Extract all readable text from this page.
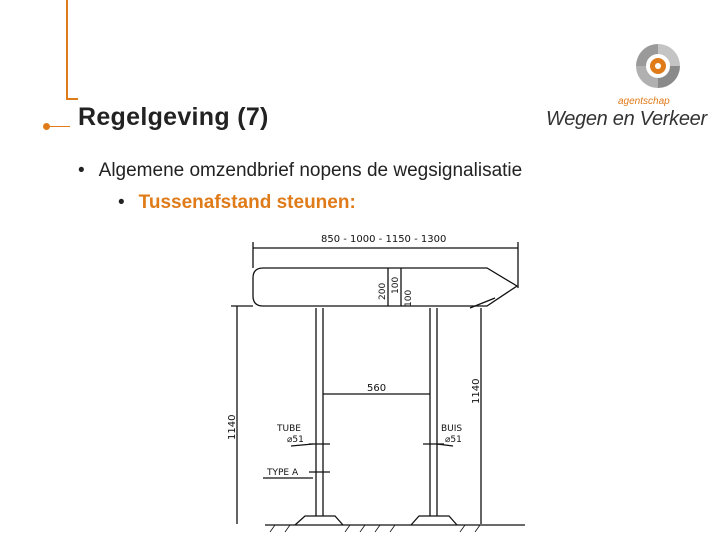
Regelgeving (7)
agentschap
Wegen en Verkeer
• Algemene omzendbrief nopens de wegsignalisatie
• Tussenafstand steunen:
850 - 1000 - 1150 - 1300
200 100
100
560
1140
1140
TUBE
⌀51
BUIS
⌀51
TYPE A
